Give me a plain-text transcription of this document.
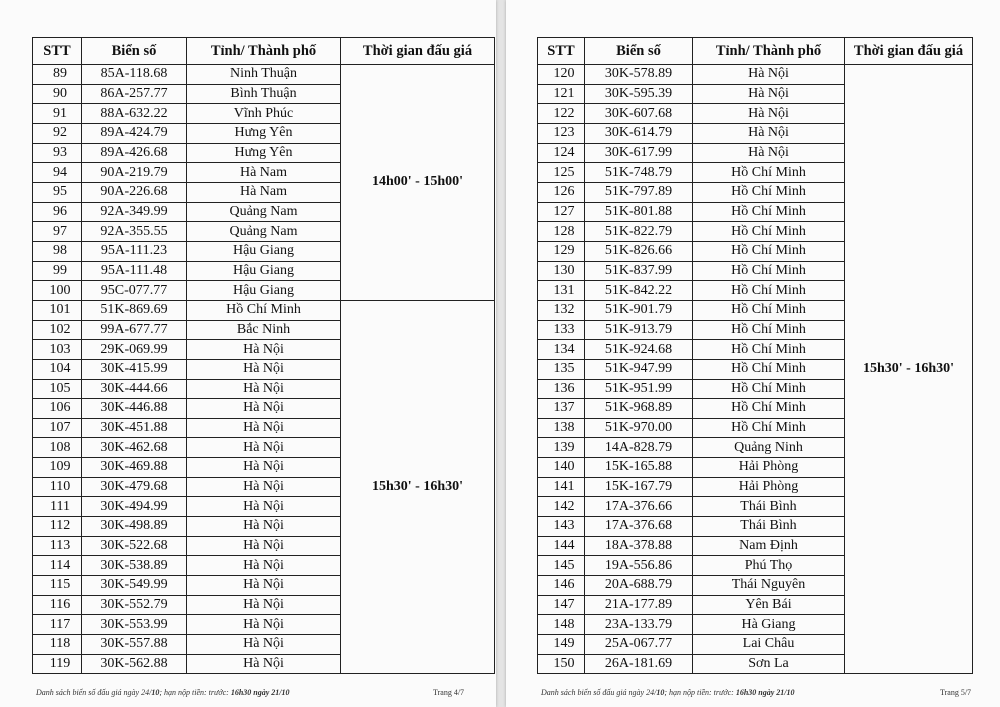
STT	Biển số	Tỉnh/ Thành phố	Thời gian đấu giá
89	85A-118.68	Ninh Thuận	14h00' - 15h00'
90	86A-257.77	Bình Thuận	
91	88A-632.22	Vĩnh Phúc	
92	89A-424.79	Hưng Yên	
93	89A-426.68	Hưng Yên	
94	90A-219.79	Hà Nam	
95	90A-226.68	Hà Nam	
96	92A-349.99	Quảng Nam	
97	92A-355.55	Quảng Nam	
98	95A-111.23	Hậu Giang	
99	95A-111.48	Hậu Giang	
100	95C-077.77	Hậu Giang	
101	51K-869.69	Hồ Chí Minh	15h30' - 16h30'
102	99A-677.77	Bắc Ninh	
103	29K-069.99	Hà Nội	
104	30K-415.99	Hà Nội	
105	30K-444.66	Hà Nội	
106	30K-446.88	Hà Nội	
107	30K-451.88	Hà Nội	
108	30K-462.68	Hà Nội	
109	30K-469.88	Hà Nội	
110	30K-479.68	Hà Nội	
111	30K-494.99	Hà Nội	
112	30K-498.89	Hà Nội	
113	30K-522.68	Hà Nội	
114	30K-538.89	Hà Nội	
115	30K-549.99	Hà Nội	
116	30K-552.79	Hà Nội	
117	30K-553.99	Hà Nội	
118	30K-557.88	Hà Nội	
119	30K-562.88	Hà Nội	
STT	Biển số	Tỉnh/ Thành phố	Thời gian đấu giá
120	30K-578.89	Hà Nội	15h30' - 16h30'
121	30K-595.39	Hà Nội	
122	30K-607.68	Hà Nội	
123	30K-614.79	Hà Nội	
124	30K-617.99	Hà Nội	
125	51K-748.79	Hồ Chí Minh	
126	51K-797.89	Hồ Chí Minh	
127	51K-801.88	Hồ Chí Minh	
128	51K-822.79	Hồ Chí Minh	
129	51K-826.66	Hồ Chí Minh	
130	51K-837.99	Hồ Chí Minh	
131	51K-842.22	Hồ Chí Minh	
132	51K-901.79	Hồ Chí Minh	
133	51K-913.79	Hồ Chí Minh	
134	51K-924.68	Hồ Chí Minh	
135	51K-947.99	Hồ Chí Minh	
136	51K-951.99	Hồ Chí Minh	
137	51K-968.89	Hồ Chí Minh	
138	51K-970.00	Hồ Chí Minh	
139	14A-828.79	Quảng Ninh	
140	15K-165.88	Hải Phòng	
141	15K-167.79	Hải Phòng	
142	17A-376.66	Thái Bình	
143	17A-376.68	Thái Bình	
144	18A-378.88	Nam Định	
145	19A-556.86	Phú Thọ	
146	20A-688.79	Thái Nguyên	
147	21A-177.89	Yên Bái	
148	23A-133.79	Hà Giang	
149	25A-067.77	Lai Châu	
150	26A-181.69	Sơn La	
Danh sách biển số đấu giá ngày 24/10; hạn nộp tiền: trước: 16h30 ngày 21/10	Trang 4/7	Danh sách biển số đấu giá ngày 24/10; hạn nộp tiền: trước: 16h30 ngày 21/10	Trang 5/7
